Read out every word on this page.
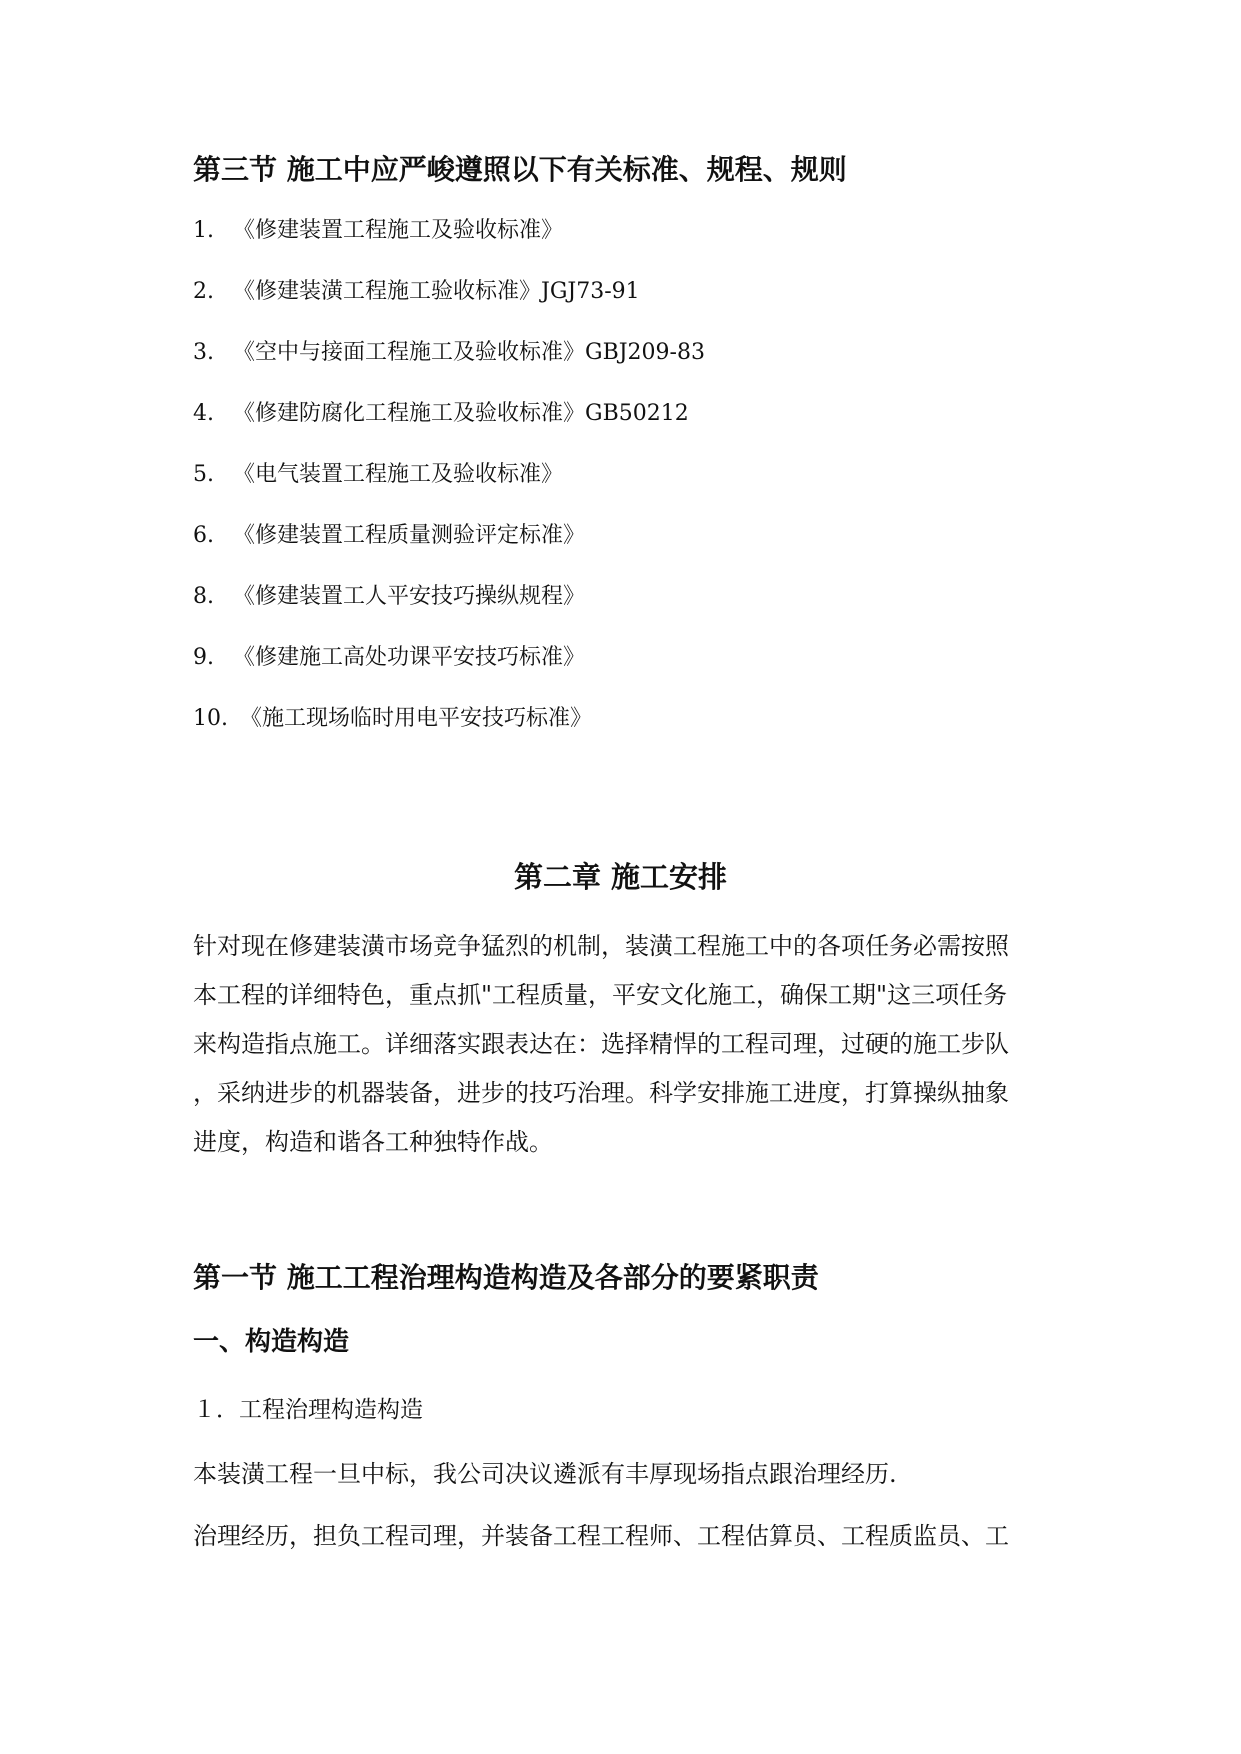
第三节 施工中应严峻遵照以下有关标准、规程、规则
1. 《修建装置工程施工及验收标准》
2. 《修建装潢工程施工验收标准》JGJ73-91
3. 《空中与接面工程施工及验收标准》GBJ209-83
4. 《修建防腐化工程施工及验收标准》GB50212
5. 《电气装置工程施工及验收标准》
6. 《修建装置工程质量测验评定标准》
8. 《修建装置工人平安技巧操纵规程》
9. 《修建施工高处功课平安技巧标准》
10. 《施工现场临时用电平安技巧标准》
第二章 施工安排

针对现在修建装潢市场竞争猛烈的机制，装潢工程施工中的各项任务必需按照

本工程的详细特色，重点抓"工程质量，平安文化施工，确保工期"这三项任务

来构造指点施工。详细落实跟表达在：选择精悍的工程司理，过硬的施工步队

，采纳进步的机器装备，进步的技巧治理。科学安排施工进度，打算操纵抽象

进度，构造和谐各工种独特作战。

第一节 施工工程治理构造构造及各部分的要紧职责
一、构造构造

１．工程治理构造构造

本装潢工程一旦中标，我公司决议遴派有丰厚现场指点跟治理经历.

治理经历，担负工程司理，并装备工程工程师、工程估算员、工程质监员、工
